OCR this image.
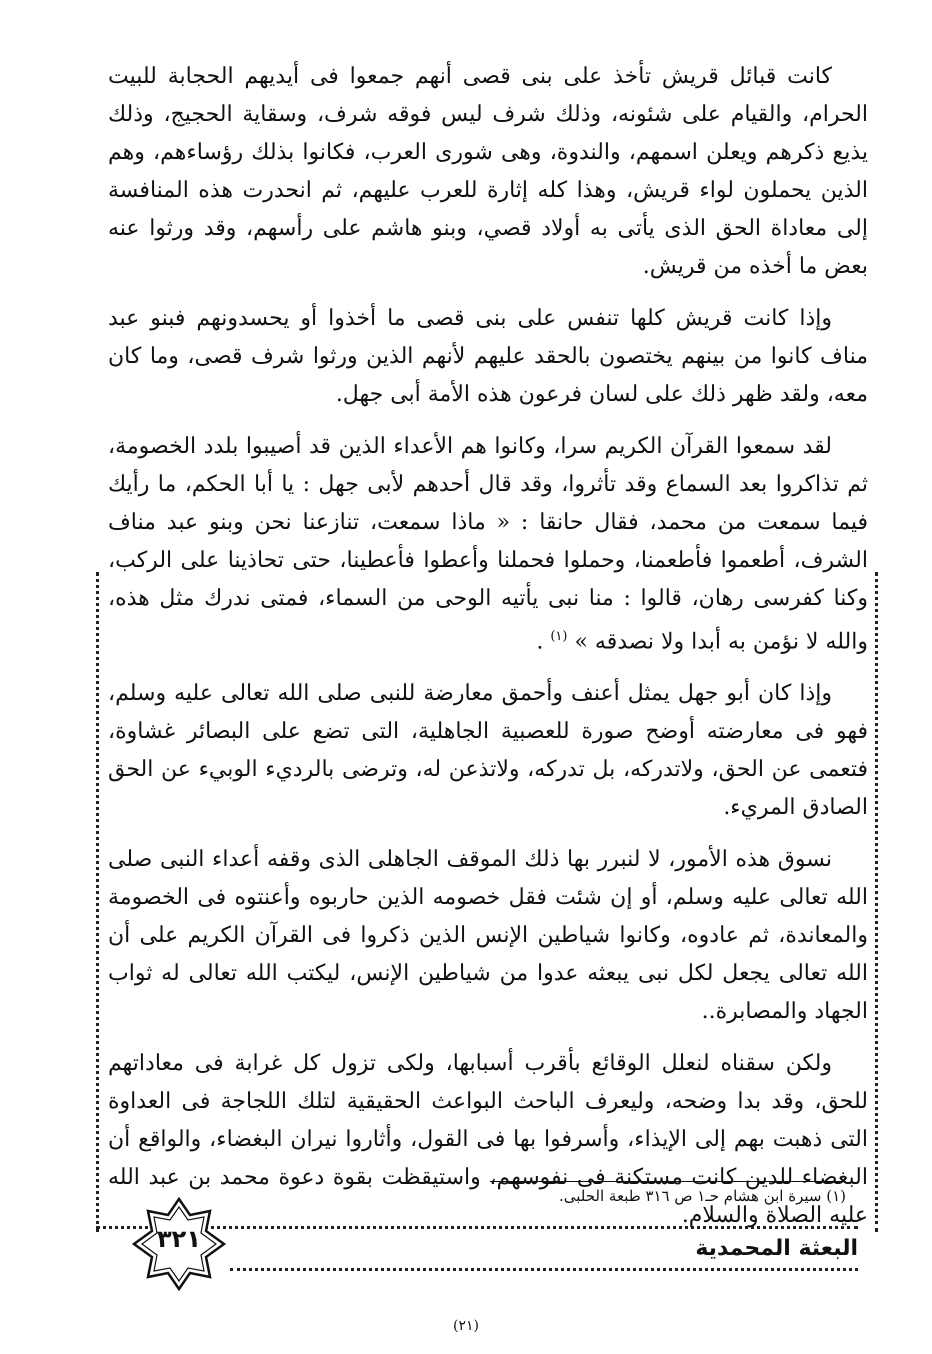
كانت قبائل قريش تأخذ على بنى قصى أنهم جمعوا فى أيديهم الحجابة للبيت الحرام، والقيام على شئونه، وذلك شرف ليس فوقه شرف، وسقاية الحجيج، وذلك يذيع ذكرهم ويعلن اسمهم، والندوة، وهى شورى العرب، فكانوا بذلك رؤساءهم، وهم الذين يحملون لواء قريش، وهذا كله إثارة للعرب عليهم، ثم انحدرت هذه المنافسة إلى معاداة الحق الذى يأتى به أولاد قصي، وبنو هاشم على رأسهم، وقد ورثوا عنه بعض ما أخذه من قريش.

وإذا كانت قريش كلها تنفس على بنى قصى ما أخذوا أو يحسدونهم فبنو عبد مناف كانوا من بينهم يختصون بالحقد عليهم لأنهم الذين ورثوا شرف قصى، وما كان معه، ولقد ظهر ذلك على لسان فرعون هذه الأمة أبى جهل.

لقد سمعوا القرآن الكريم سرا، وكانوا هم الأعداء الذين قد أصيبوا بلدد الخصومة، ثم تذاكروا بعد السماع وقد تأثروا، وقد قال أحدهم لأبى جهل : يا أبا الحكم، ما رأيك فيما سمعت من محمد، فقال حانقا : « ماذا سمعت، تنازعنا نحن وبنو عبد مناف الشرف، أطعموا فأطعمنا، وحملوا فحملنا وأعطوا فأعطينا، حتى تحاذينا على الركب، وكنا كفرسى رهان، قالوا : منا نبى يأتيه الوحى من السماء، فمتى ندرك مثل هذه، والله لا نؤمن به أبدا ولا نصدقه » $^{(١)}$ .

وإذا كان أبو جهل يمثل أعنف وأحمق معارضة للنبى صلى الله تعالى عليه وسلم، فهو فى معارضته أوضح صورة للعصبية الجاهلية، التى تضع على البصائر غشاوة، فتعمى عن الحق، ولاتدركه، بل تدركه، ولاتذعن له، وترضى بالرديء الوبيء عن الحق الصادق المريء.

نسوق هذه الأمور، لا لنبرر بها ذلك الموقف الجاهلى الذى وقفه أعداء النبى صلى الله تعالى عليه وسلم، أو إن شئت فقل خصومه الذين حاربوه وأعنتوه فى الخصومة والمعاندة، ثم عادوه، وكانوا شياطين الإنس الذين ذكروا فى القرآن الكريم على أن الله تعالى يجعل لكل نبى يبعثه عدوا من شياطين الإنس، ليكتب الله تعالى له ثواب الجهاد والمصابرة..

ولكن سقناه لنعلل الوقائع بأقرب أسبابها، ولكى تزول كل غرابة فى معاداتهم للحق، وقد بدا وضحه، وليعرف الباحث البواعث الحقيقية لتلك اللجاجة فى العداوة التى ذهبت بهم إلى الإيذاء، وأسرفوا بها فى القول، وأثاروا نيران البغضاء، والواقع أن البغضاء للدين كانت مستكنة فى نفوسهم، واستيقظت بقوة دعوة محمد بن عبد الله عليه الصلاة والسلام.

(١) سيرة ابن هشام حـ١ ص ٣١٦ طبعة الحلبى.
٣٢١	البعثة المحمدية
(٢١)
